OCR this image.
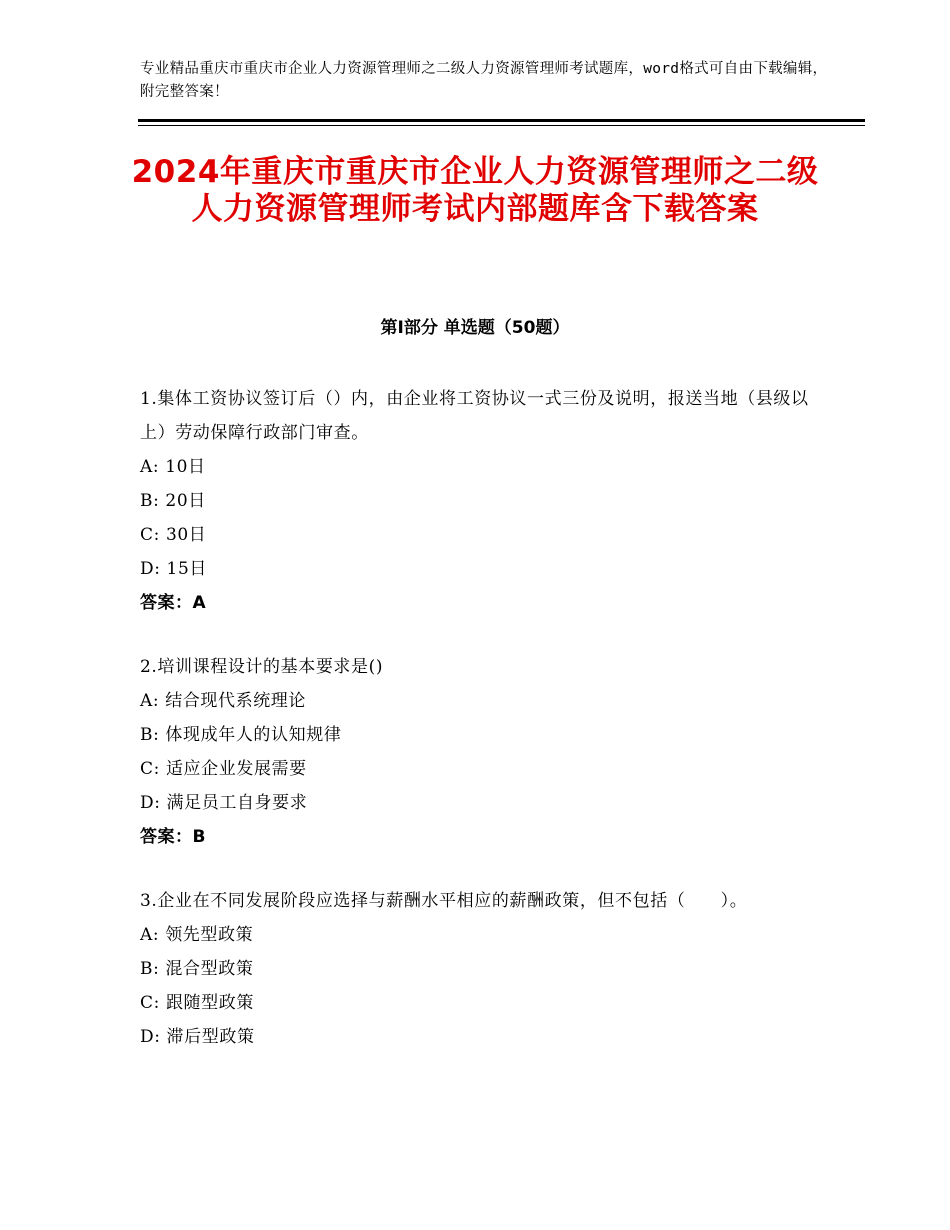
专业精品重庆市重庆市企业人力资源管理师之二级人力资源管理师考试题库，word格式可自由下载编辑，附完整答案！
2024年重庆市重庆市企业人力资源管理师之二级人力资源管理师考试内部题库含下载答案
第Ⅰ部分 单选题（50题）
1.集体工资协议签订后（）内，由企业将工资协议一式三份及说明，报送当地（县级以上）劳动保障行政部门审查。
A: 10日
B: 20日
C: 30日
D: 15日
答案：A
2.培训课程设计的基本要求是()
A: 结合现代系统理论
B: 体现成年人的认知规律
C: 适应企业发展需要
D: 满足员工自身要求
答案：B
3.企业在不同发展阶段应选择与薪酬水平相应的薪酬政策，但不包括（　　）。
A: 领先型政策
B: 混合型政策
C: 跟随型政策
D: 滞后型政策
